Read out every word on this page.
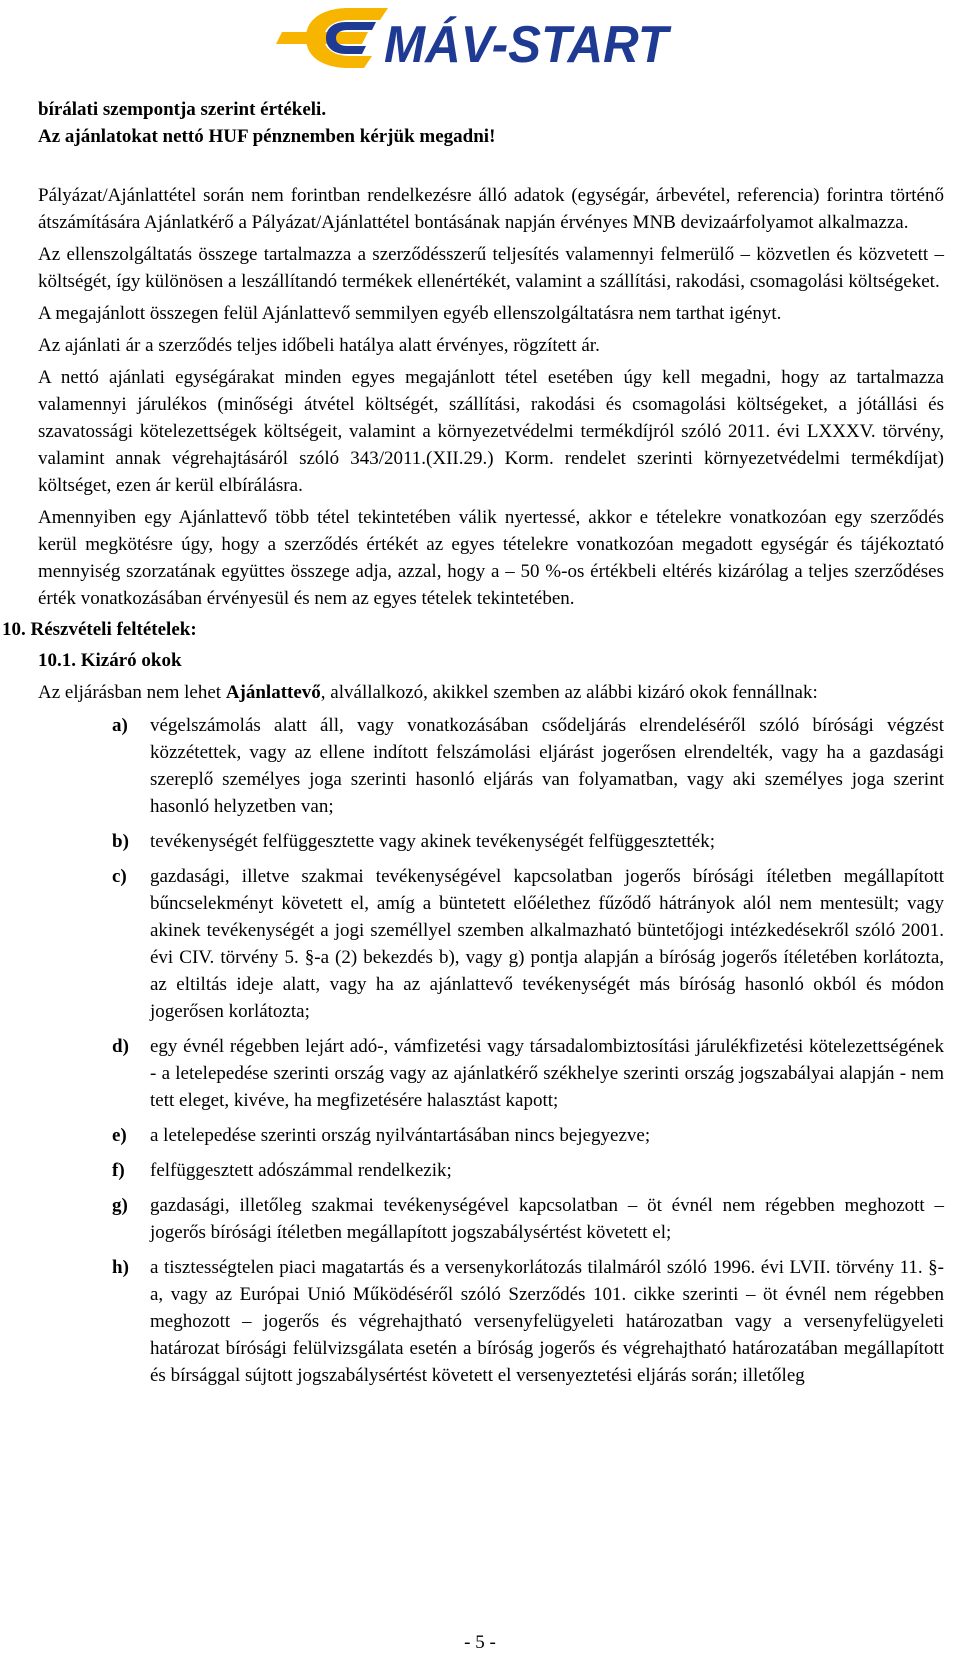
MÁV-START

bírálati szempontja szerint értékeli.

Az ajánlatokat nettó HUF pénznemben kérjük megadni!

Pályázat/Ajánlattétel során nem forintban rendelkezésre álló adatok (egységár, árbevétel, referencia) forintra történő átszámítására Ajánlatkérő a Pályázat/Ajánlattétel bontásának napján érvényes MNB devizaárfolyamot alkalmazza.

Az ellenszolgáltatás összege tartalmazza a szerződésszerű teljesítés valamennyi felmerülő – közvetlen és közvetett – költségét, így különösen a leszállítandó termékek ellenértékét, valamint a szállítási, rakodási, csomagolási költségeket.

A megajánlott összegen felül Ajánlattevő semmilyen egyéb ellenszolgáltatásra nem tarthat igényt.

Az ajánlati ár a szerződés teljes időbeli hatálya alatt érvényes, rögzített ár.

A nettó ajánlati egységárakat minden egyes megajánlott tétel esetében úgy kell megadni, hogy az tartalmazza valamennyi járulékos (minőségi átvétel költségét, szállítási, rakodási és csomagolási költségeket, a jótállási és szavatossági kötelezettségek költségeit, valamint a környezetvédelmi termékdíjról szóló 2011. évi LXXXV. törvény, valamint annak végrehajtásáról szóló 343/2011.(XII.29.) Korm. rendelet szerinti környezetvédelmi termékdíjat) költséget, ezen ár kerül elbírálásra.

Amennyiben egy Ajánlattevő több tétel tekintetében válik nyertessé, akkor e tételekre vonatkozóan egy szerződés kerül megkötésre úgy, hogy a szerződés értékét az egyes tételekre vonatkozóan megadott egységár és tájékoztató mennyiség szorzatának együttes összege adja, azzal, hogy a – 50 %-os értékbeli eltérés kizárólag a teljes szerződéses érték vonatkozásában érvényesül és nem az egyes tételek tekintetében.

10. Részvételi feltételek:

10.1. Kizáró okok

Az eljárásban nem lehet Ajánlattevő, alvállalkozó, akikkel szemben az alábbi kizáró okok fennállnak:

a)	végelszámolás alatt áll, vagy vonatkozásában csődeljárás elrendeléséről szóló bírósági végzést közzétettek, vagy az ellene indított felszámolási eljárást jogerősen elrendelték, vagy ha a gazdasági szereplő személyes joga szerinti hasonló eljárás van folyamatban, vagy aki személyes joga szerint hasonló helyzetben van;
b)	tevékenységét felfüggesztette vagy akinek tevékenységét felfüggesztették;
c)	gazdasági, illetve szakmai tevékenységével kapcsolatban jogerős bírósági ítéletben megállapított bűncselekményt követett el, amíg a büntetett előélethez fűződő hátrányok alól nem mentesült; vagy akinek tevékenységét a jogi személlyel szemben alkalmazható büntetőjogi intézkedésekről szóló 2001. évi CIV. törvény 5. §-a (2) bekezdés b), vagy g) pontja alapján a bíróság jogerős ítéletében korlátozta, az eltiltás ideje alatt, vagy ha az ajánlattevő tevékenységét más bíróság hasonló okból és módon jogerősen korlátozta;
d)	egy évnél régebben lejárt adó-, vámfizetési vagy társadalombiztosítási járulékfizetési kötelezettségének - a letelepedése szerinti ország vagy az ajánlatkérő székhelye szerinti ország jogszabályai alapján - nem tett eleget, kivéve, ha megfizetésére halasztást kapott;
e)	a letelepedése szerinti ország nyilvántartásában nincs bejegyezve;
f)	felfüggesztett adószámmal rendelkezik;
g)	gazdasági, illetőleg szakmai tevékenységével kapcsolatban – öt évnél nem régebben meghozott – jogerős bírósági ítéletben megállapított jogszabálysértést követett el;
h)	a tisztességtelen piaci magatartás és a versenykorlátozás tilalmáról szóló 1996. évi LVII. törvény 11. §-a, vagy az Európai Unió Működéséről szóló Szerződés 101. cikke szerinti – öt évnél nem régebben meghozott – jogerős és végrehajtható versenyfelügyeleti határozatban vagy a versenyfelügyeleti határozat bírósági felülvizsgálata esetén a bíróság jogerős és végrehajtható határozatában megállapított és bírsággal sújtott jogszabálysértést követett el versenyeztetési eljárás során; illetőleg
- 5 -
